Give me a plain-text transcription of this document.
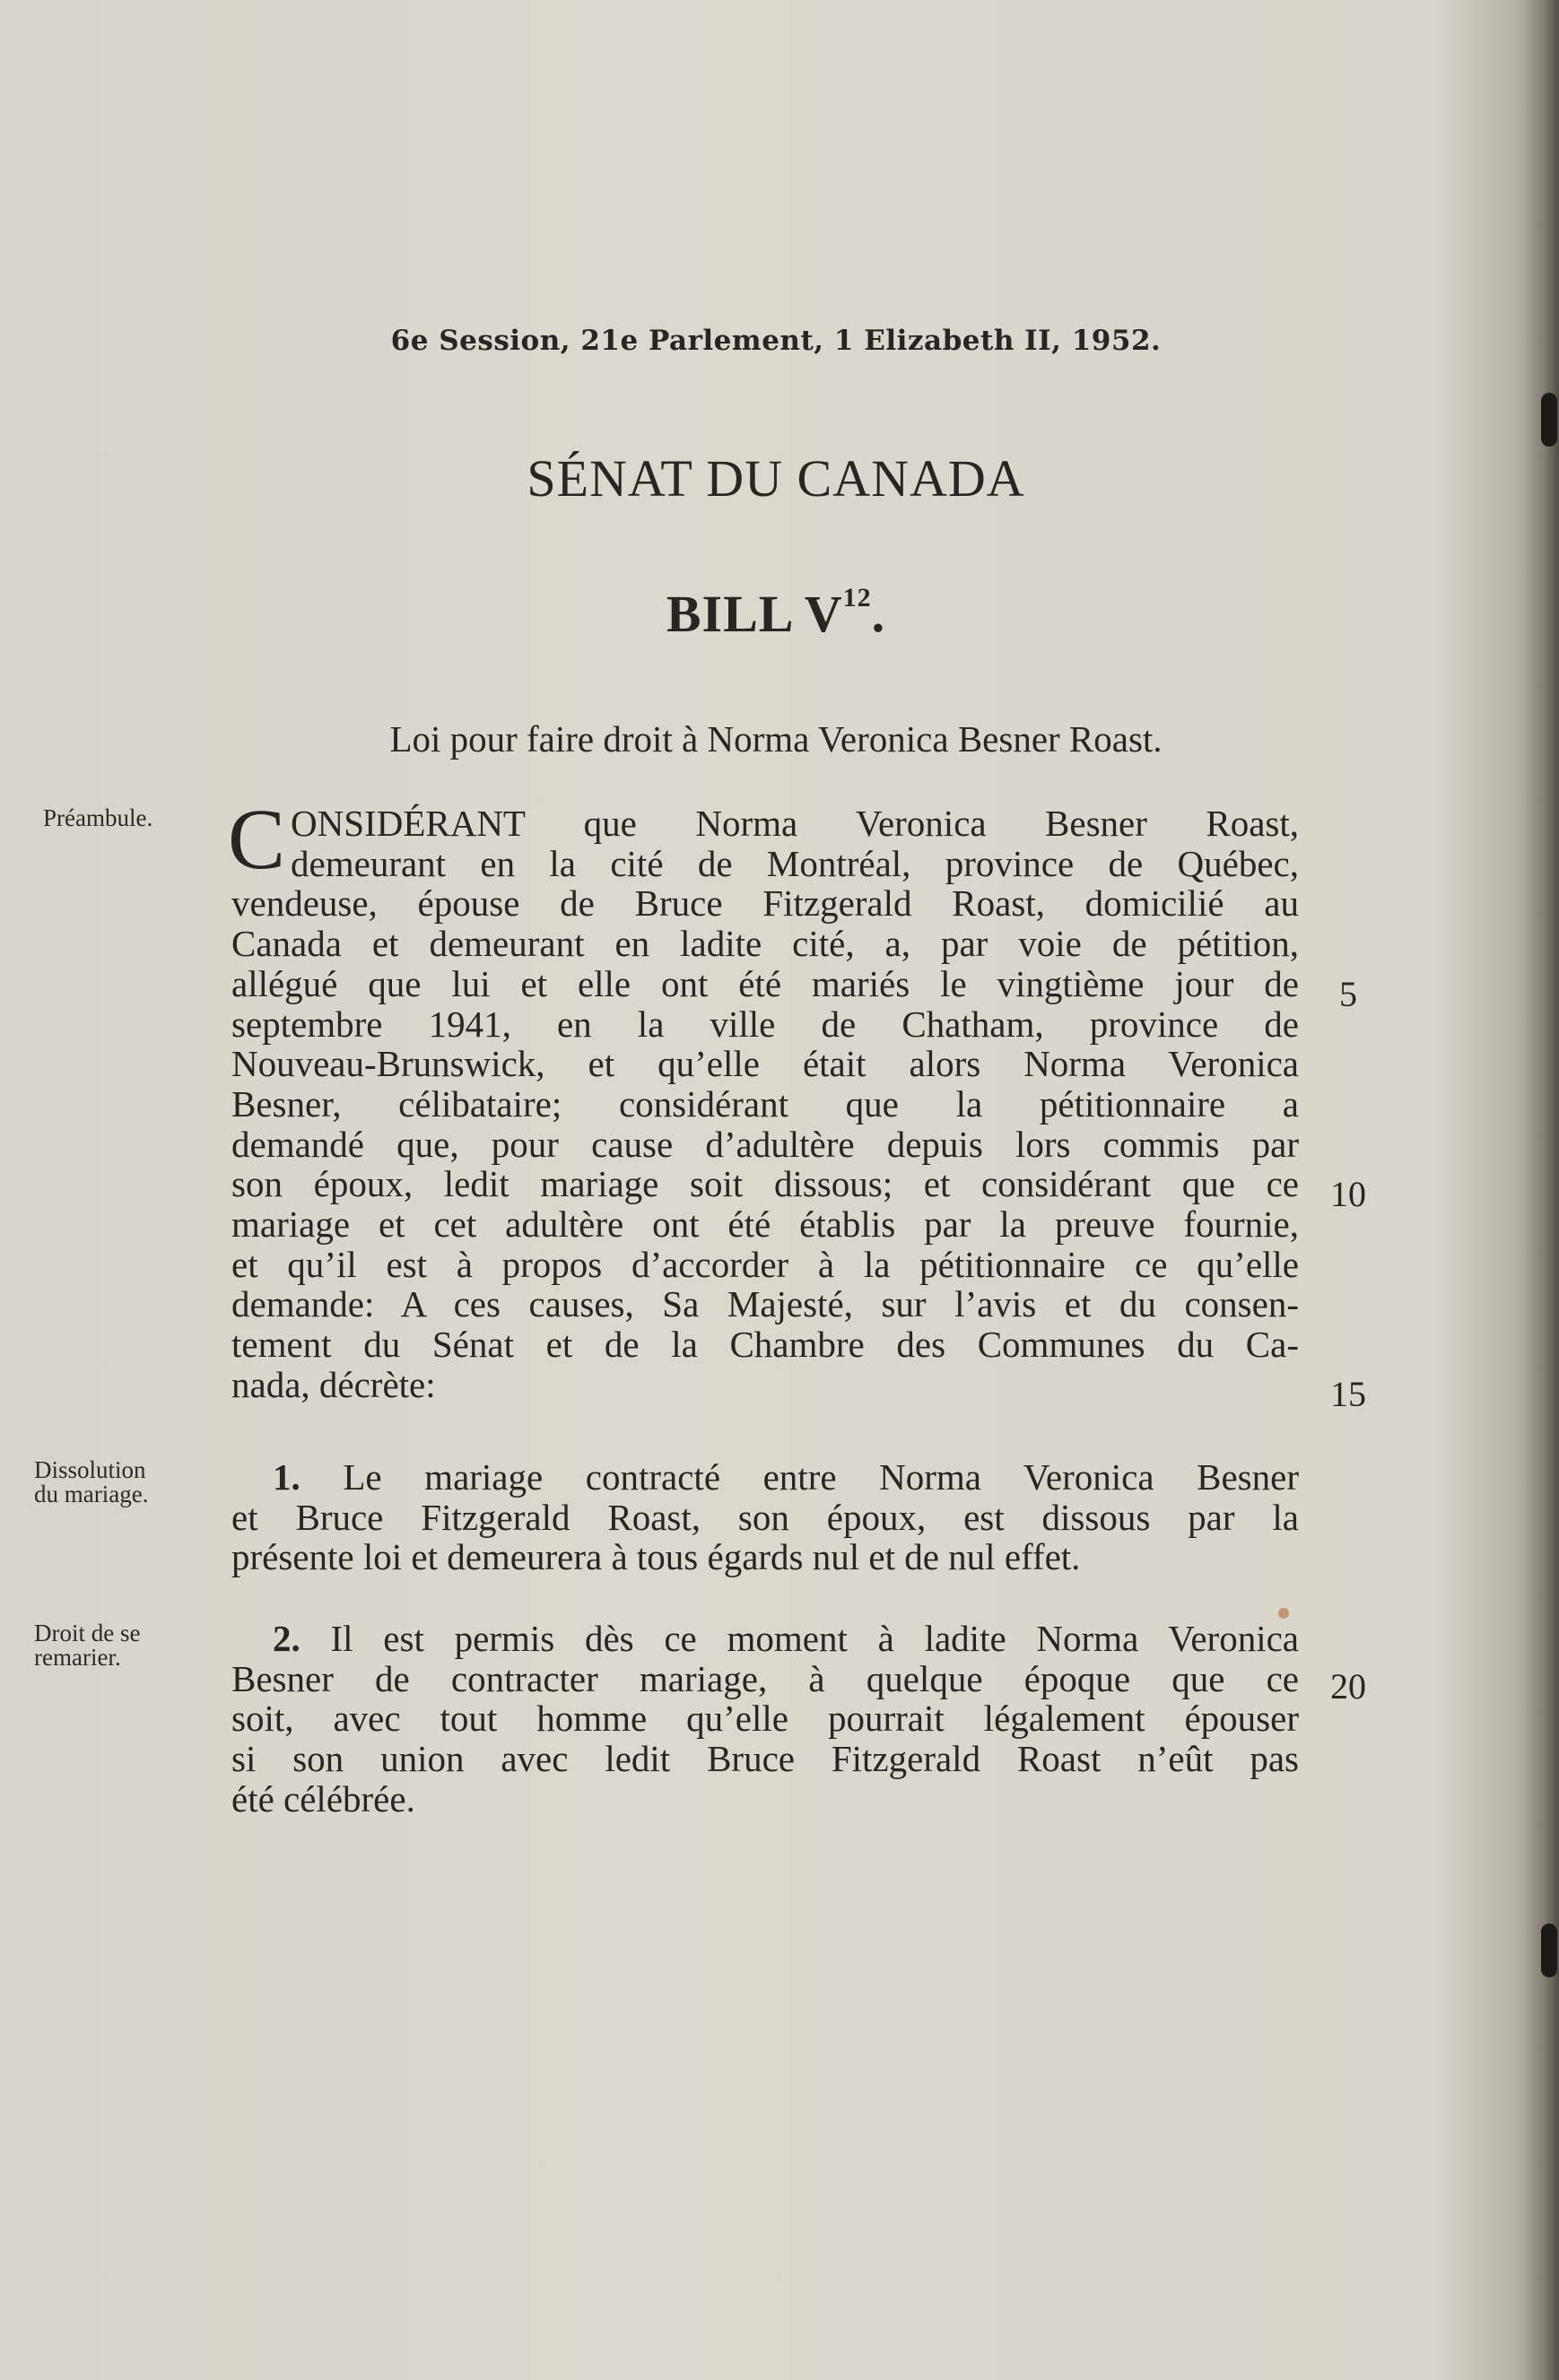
6e Session, 21e Parlement, 1 Elizabeth II, 1952.
SÉNAT DU CANADA
BILL $V^{12}$.
Loi pour faire droit à Norma Veronica Besner Roast.
Préambule.
Dissolution
du mariage.
Droit de se
remarier.
C ONSIDÉRANT que Norma Veronica Besner Roast,
demeurant en la cité de Montréal, province de Québec,
vendeuse, épouse de Bruce Fitzgerald Roast, domicilié au
Canada et demeurant en ladite cité, a, par voie de pétition,
allégué que lui et elle ont été mariés le vingtième jour de
septembre 1941, en la ville de Chatham, province de
Nouveau-Brunswick, et qu’elle était alors Norma Veronica
Besner, célibataire; considérant que la pétitionnaire a
demandé que, pour cause d’adultère depuis lors commis par
son époux, ledit mariage soit dissous; et considérant que ce
mariage et cet adultère ont été établis par la preuve fournie,
et qu’il est à propos d’accorder à la pétitionnaire ce qu’elle
demande: A ces causes, Sa Majesté, sur l’avis et du consen-
tement du Sénat et de la Chambre des Communes du Ca-
nada, décrète:
1. Le mariage contracté entre Norma Veronica Besner
et Bruce Fitzgerald Roast, son époux, est dissous par la
présente loi et demeurera à tous égards nul et de nul effet.
2. Il est permis dès ce moment à ladite Norma Veronica
Besner de contracter mariage, à quelque époque que ce
soit, avec tout homme qu’elle pourrait légalement épouser
si son union avec ledit Bruce Fitzgerald Roast n’eût pas
été célébrée.
5
10
15
20
